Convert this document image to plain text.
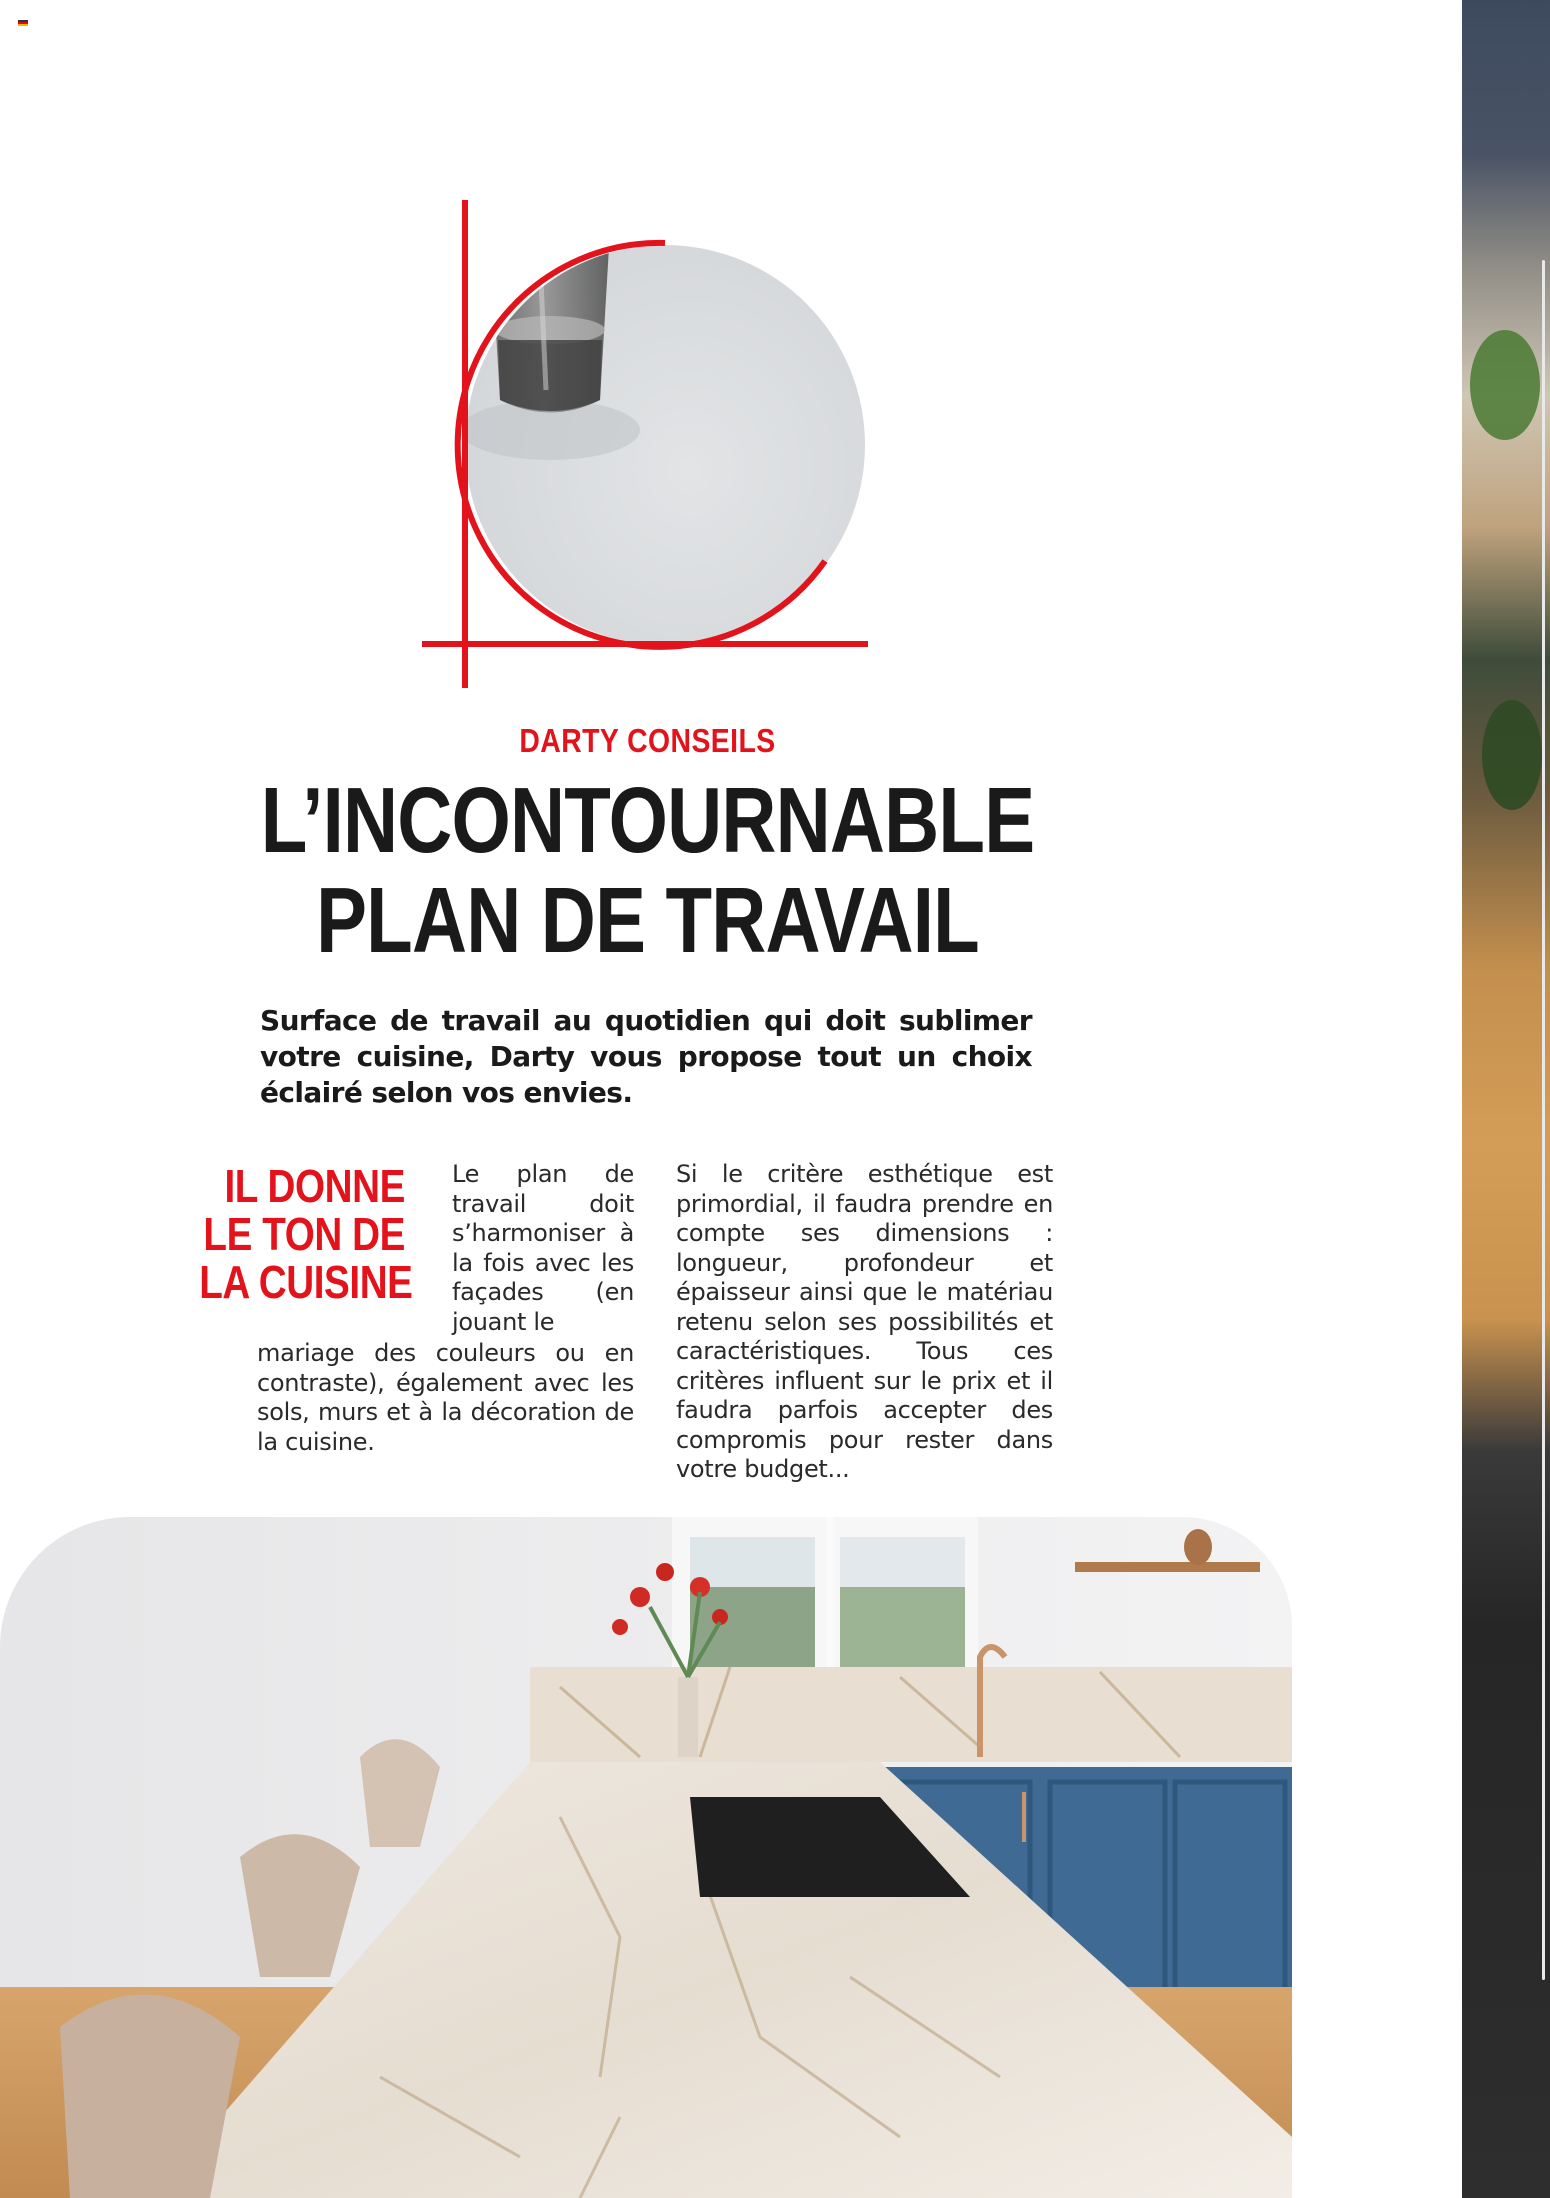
DARTY CONSEILS
L’INCONTOURNABLE
PLAN DE TRAVAIL
Surface de travail au quotidien qui doit sublimer votre cuisine, Darty vous propose tout un choix éclairé selon vos envies.
IL DONNE
LE TON DE
LA CUISINE
Le plan de travail doit s’harmoniser à la fois avec les façades (en jouant le
mariage des couleurs ou en contraste), également avec les sols, murs et à la décoration de la cuisine.
Si le critère esthétique est primordial, il faudra prendre en compte ses dimensions : longueur, profondeur et épaisseur ainsi que le matériau retenu selon ses possibilités et caractéristiques. Tous ces critères influent sur le prix et il faudra parfois accepter des compromis pour rester dans votre budget...
